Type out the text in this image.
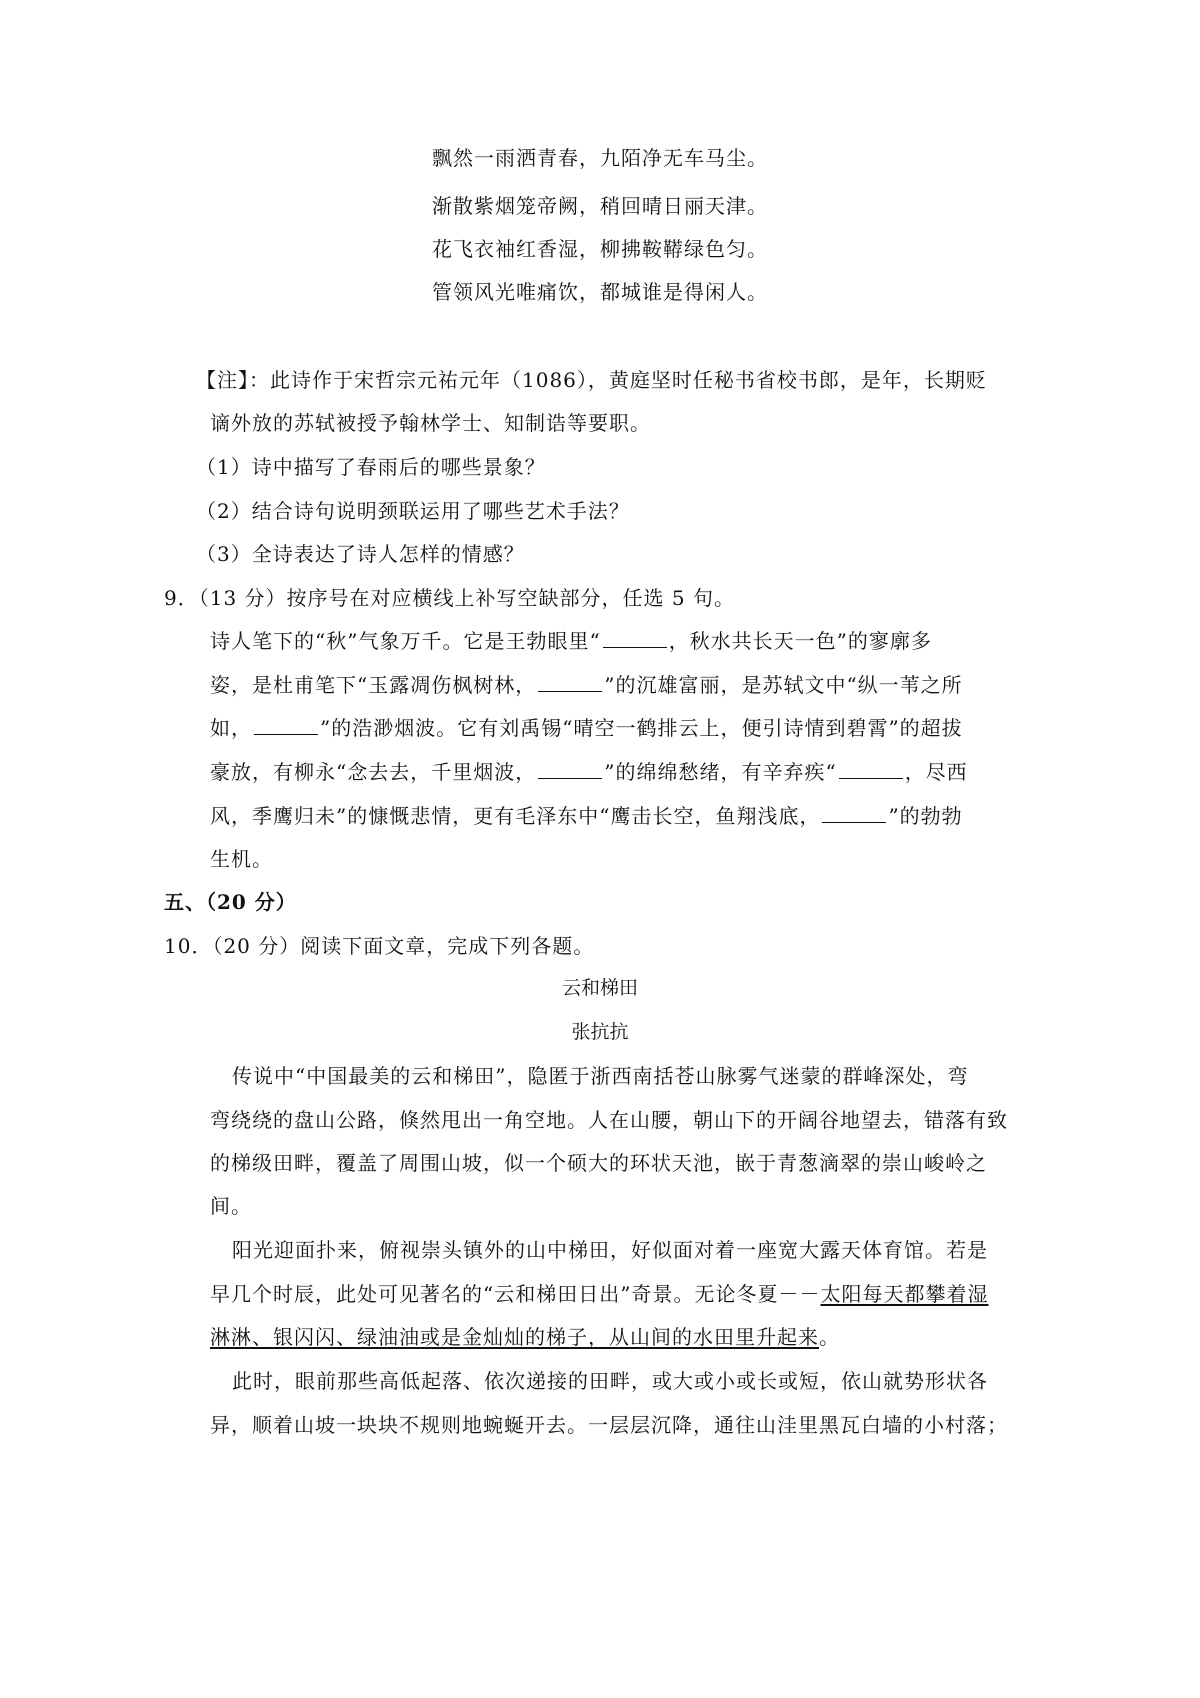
飘然一雨洒青春，九陌净无车马尘。
渐散紫烟笼帝阙，稍回晴日丽天津。
花飞衣袖红香湿，柳拂鞍鞯绿色匀。
管领风光唯痛饮，都城谁是得闲人。
【注】：此诗作于宋哲宗元祐元年（1086），黄庭坚时任秘书省校书郎，是年，长期贬
谪外放的苏轼被授予翰林学士、知制诰等要职。
（1）诗中描写了春雨后的哪些景象？
（2）结合诗句说明颈联运用了哪些艺术手法？
（3）全诗表达了诗人怎样的情感？
9．（13 分）按序号在对应横线上补写空缺部分，任选 5 句。
诗人笔下的“秋”气象万千。它是王勃眼里“	，秋水共长天一色”的寥廓多
姿，是杜甫笔下“玉露凋伤枫树林，	”的沉雄富丽，是苏轼文中“纵一苇之所
如，	”的浩渺烟波。它有刘禹锡“晴空一鹤排云上，便引诗情到碧霄”的超拔
豪放，有柳永“念去去，千里烟波，	”的绵绵愁绪，有辛弃疾“	，尽西
风，季鹰归未”的慷慨悲情，更有毛泽东中“鹰击长空，鱼翔浅底，	”的勃勃
生机。
五、（20 分）
10．（20 分）阅读下面文章，完成下列各题。
云和梯田
张抗抗
传说中“中国最美的云和梯田”，隐匿于浙西南括苍山脉雾气迷蒙的群峰深处，弯
弯绕绕的盘山公路，倏然甩出一角空地。人在山腰，朝山下的开阔谷地望去，错落有致
的梯级田畔，覆盖了周围山坡，似一个硕大的环状天池，嵌于青葱滴翠的崇山峻岭之
间。
阳光迎面扑来，俯视崇头镇外的山中梯田，好似面对着一座宽大露天体育馆。若是
早几个时辰，此处可见著名的“云和梯田日出”奇景。无论冬夏－－太阳每天都攀着湿
淋淋、银闪闪、绿油油或是金灿灿的梯子，从山间的水田里升起来。
此时，眼前那些高低起落、依次递接的田畔，或大或小或长或短，依山就势形状各
异，顺着山坡一块块不规则地蜿蜒开去。一层层沉降，通往山洼里黑瓦白墙的小村落；
